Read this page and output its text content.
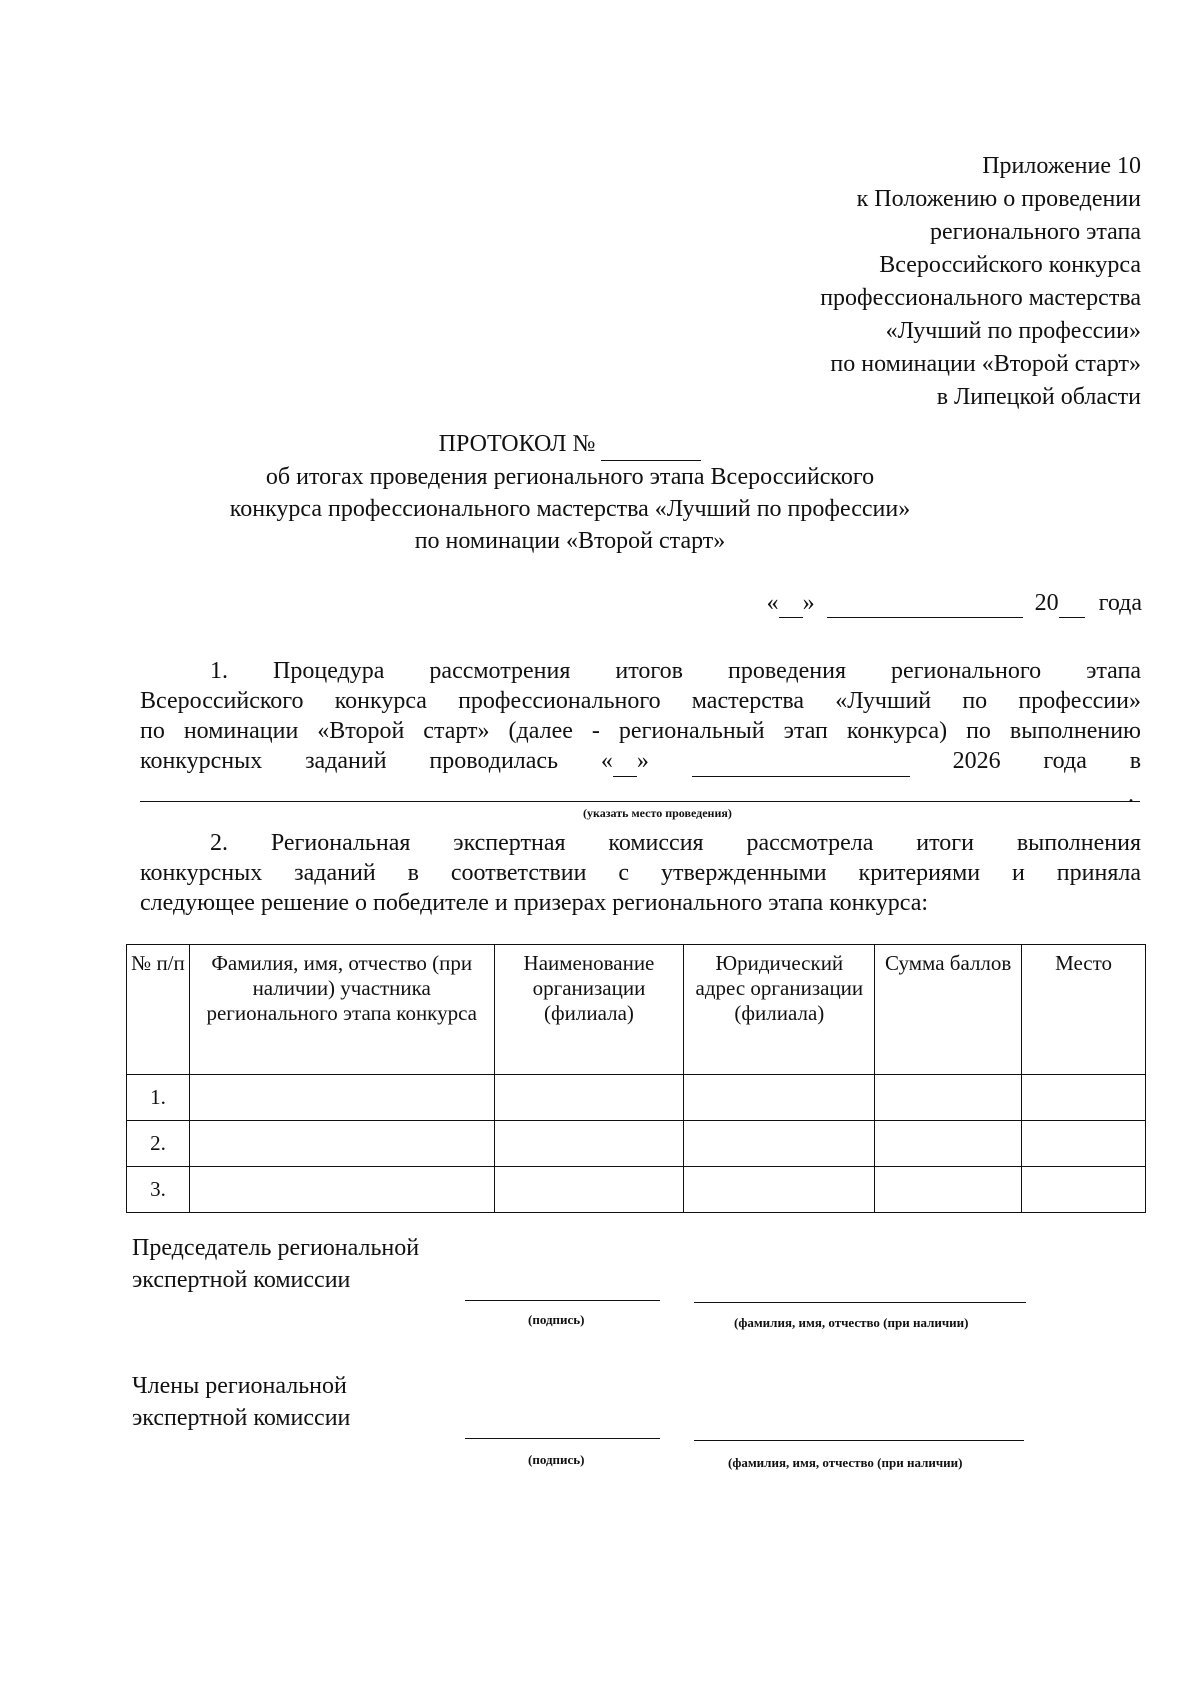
Приложение 10
к Положению о проведении
регионального этапа
Всероссийского конкурса
профессионального мастерства
«Лучший по профессии»
по номинации «Второй старт»
в Липецкой области
ПРОТОКОЛ №
об итогах проведения регионального этапа Всероссийского
конкурса профессионального мастерства «Лучший по профессии»
по номинации «Второй старт»
« »	20 года
1. Процедура рассмотрения итогов проведения регионального этапа
Всероссийского конкурса профессионального мастерства «Лучший по профессии»
по номинации «Второй старт» (далее - региональный этап конкурса) по выполнению
конкурсных заданий проводилась « »	2026 года в
.
(указать место проведения)
2. Региональная экспертная комиссия рассмотрела итоги выполнения
конкурсных заданий в соответствии с утвержденными критериями и приняла
следующее решение о победителе и призерах регионального этапа конкурса:
№ п/п	Фамилия, имя, отчество (при наличии) участника регионального этапа конкурса	Наименование организации (филиала)	Юридический адрес организации (филиала)	Сумма баллов	Место
1.					
2.					
3.					
Председатель региональной
экспертной комиссии
(подпись)	(фамилия, имя, отчество (при наличии)
Члены региональной
экспертной комиссии
(подпись)	(фамилия, имя, отчество (при наличии)
